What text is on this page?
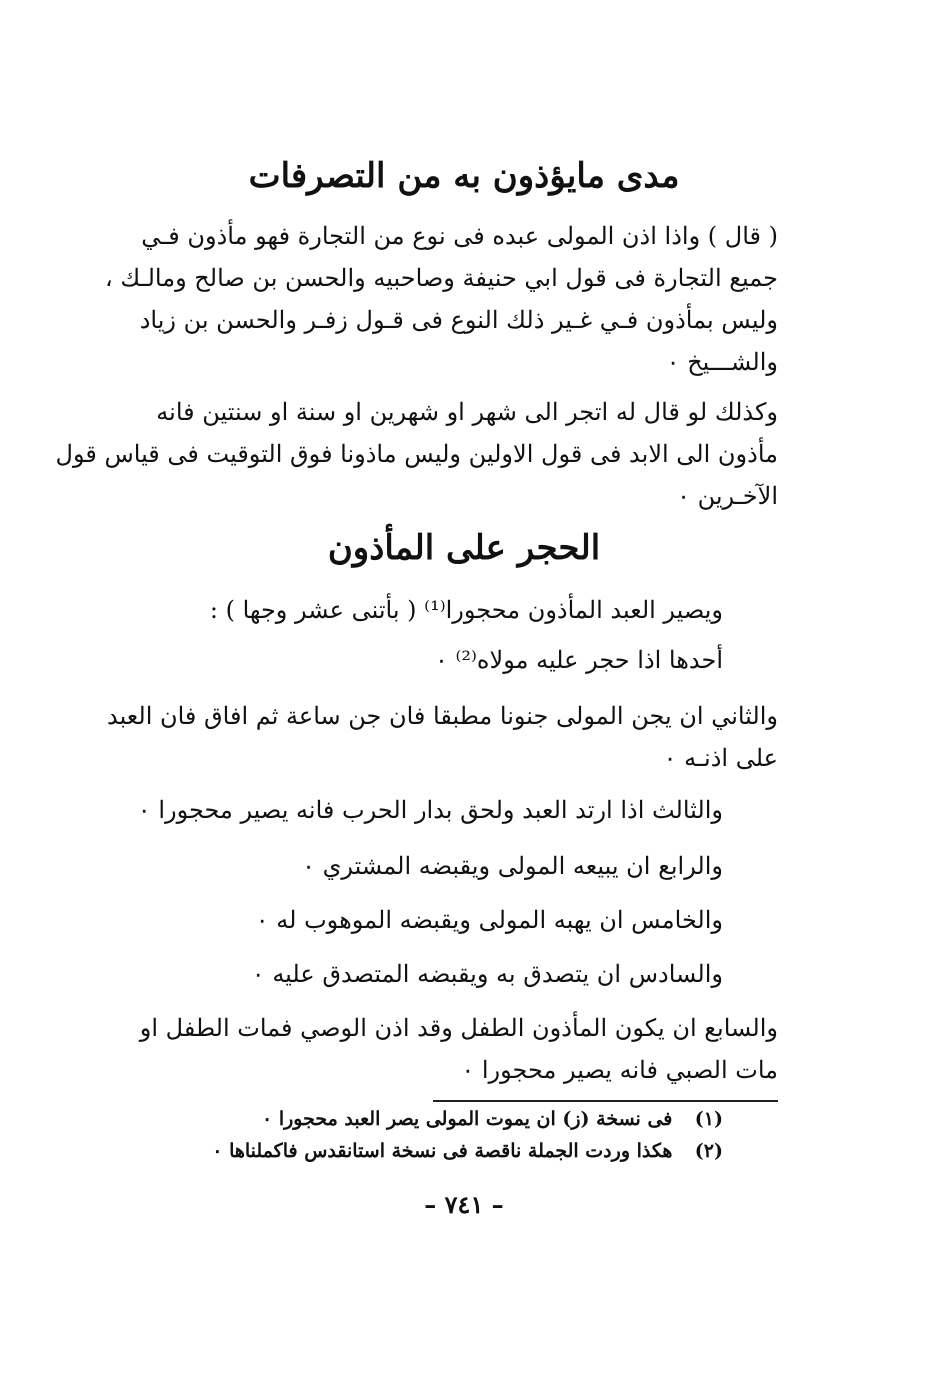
مدى مايؤذون به من التصرفات
( قال ) واذا اذن المولى عبده فى نوع من التجارة فهو مأذون فـي
جميع التجارة فى قول ابي حنيفة وصاحبيه والحسن بن صالح ومالـك ،
وليس بمأذون فـي غـير ذلك النوع فى قـول زفـر والحسن بن زياد
والشـــيخ ۰
وكذلك لو قال له اتجر الى شهر او شهرين او سنة او سنتين فانه
مأذون الى الابد فى قول الاولين وليس ماذونا فوق التوقيت فى قياس قول
الآخـرين ۰
الحجر على المأذون
ويصير العبد المأذون محجورا⁽¹⁾ ( بأتنى عشر وجها ) :
أحدها اذا حجر عليه مولاه⁽²⁾ ۰
والثاني ان يجن المولى جنونا مطبقا فان جن ساعة ثم افاق فان العبد
على اذنـه ۰
والثالث اذا ارتد العبد ولحق بدار الحرب فانه يصير محجورا ۰
والرابع ان يبيعه المولى ويقبضه المشتري ۰
والخامس ان يهبه المولى ويقبضه الموهوب له ۰
والسادس ان يتصدق به ويقبضه المتصدق عليه ۰
والسابع ان يكون المأذون الطفل وقد اذن الوصي فمات الطفل او
مات الصبي فانه يصير محجورا ۰
(١) فى نسخة (ز) ان يموت المولى يصر العبد محجورا ۰
(٢) هكذا وردت الجملة ناقصة فى نسخة استانقدس فاكملناها ۰
– ٧٤١ –
